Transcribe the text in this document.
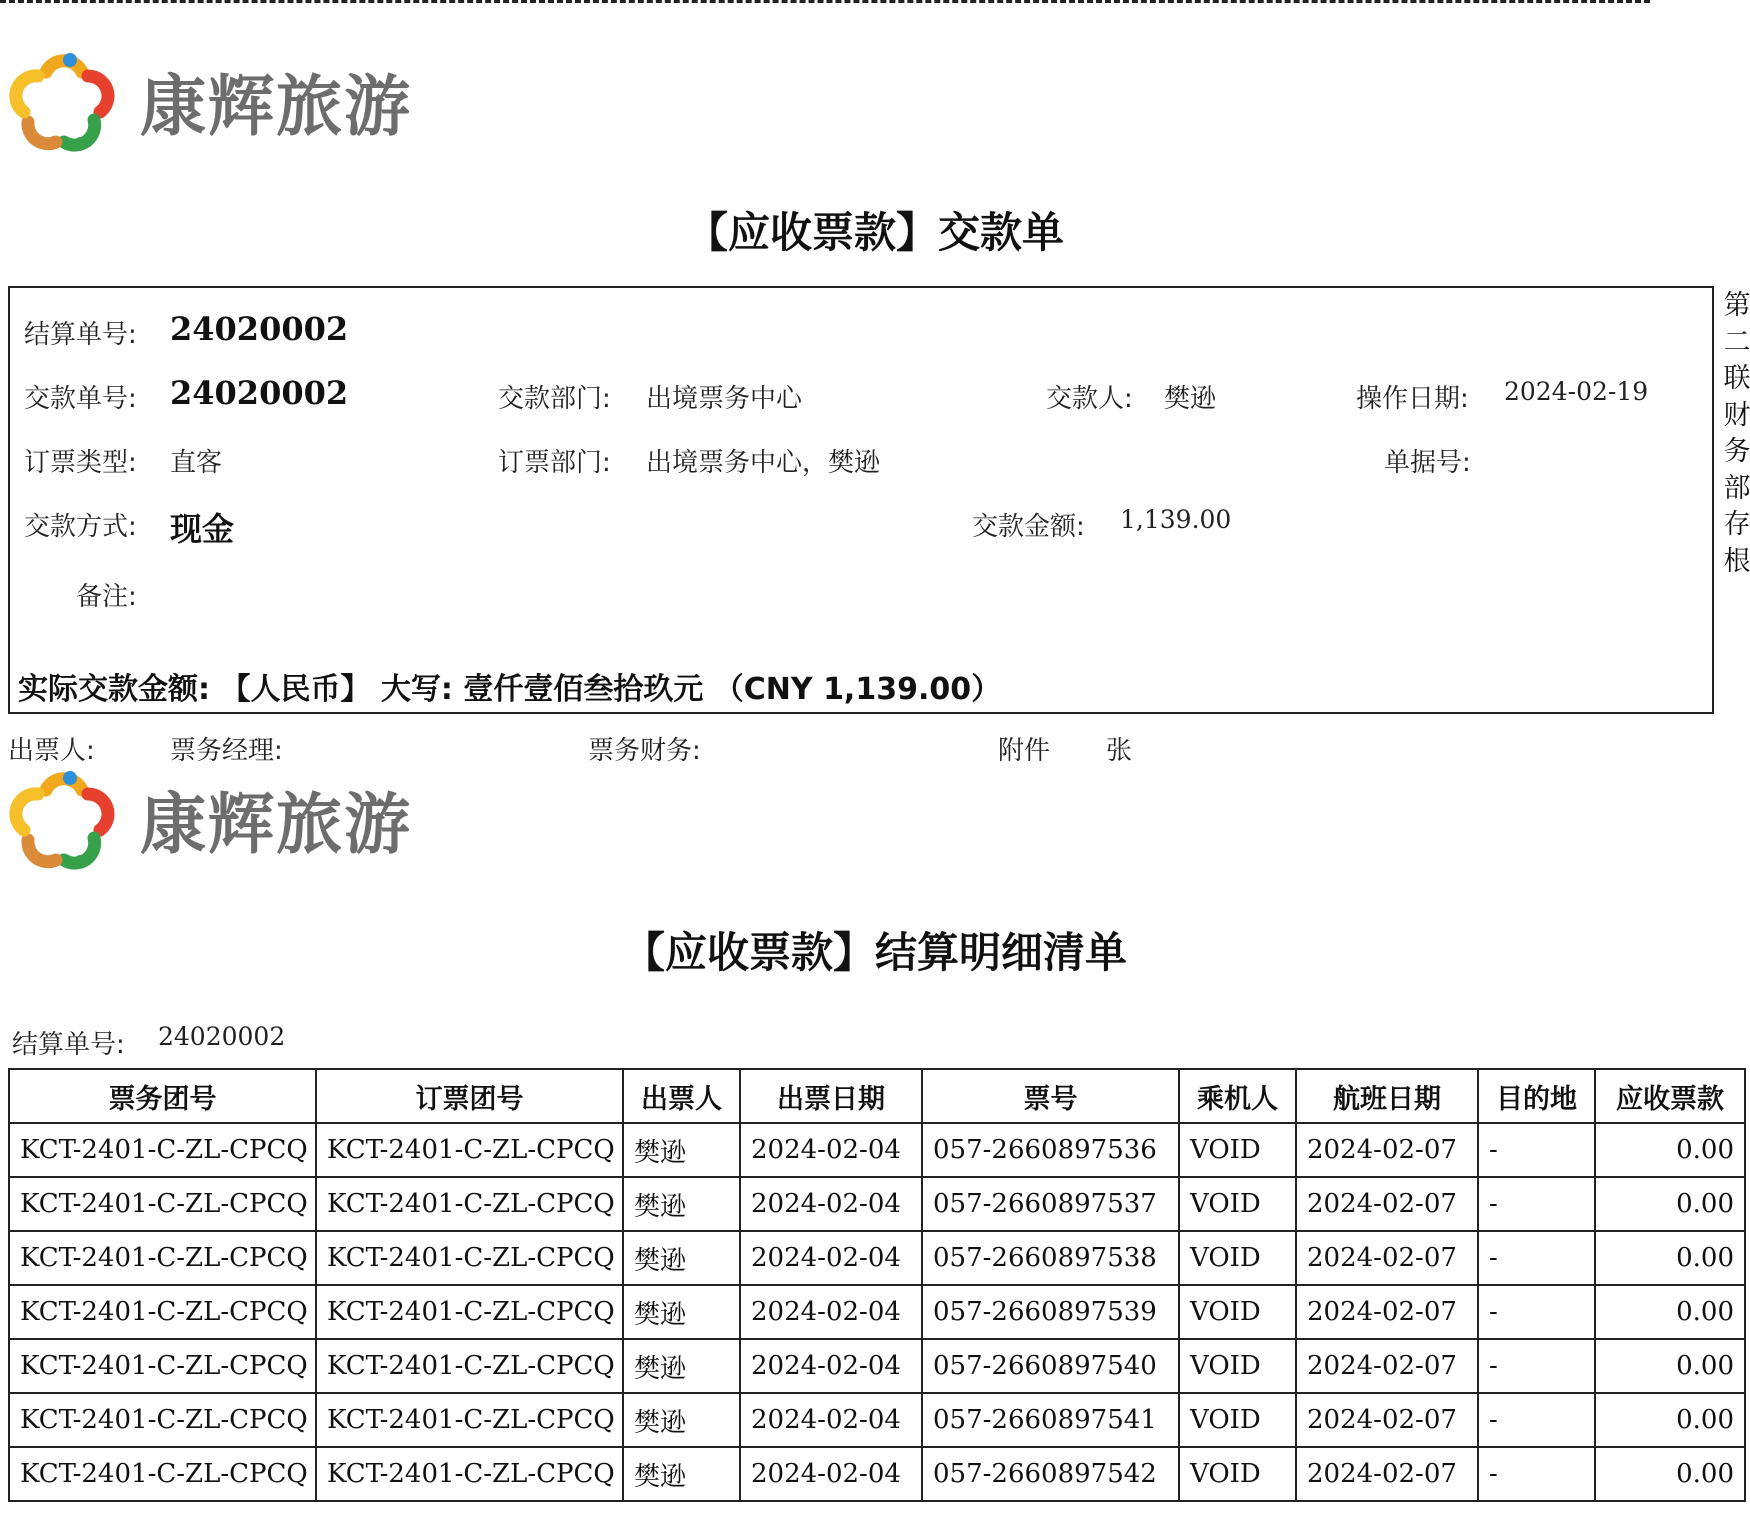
康辉旅游
【应收票款】交款单
结算单号: 24020002
交款单号: 24020002	交款部门: 出境票务中心	交款人: 樊逊	操作日期: 2024-02-19
订票类型: 直客	订票部门: 出境票务中心，樊逊	单据号:
交款方式: 现金	交款金额: 1,139.00
备注:
实际交款金额: 【人民币】 大写: 壹仟壹佰叁拾玖元 （CNY 1,139.00）
第
二
联
财
务
部
存
根
出票人:	票务经理:	票务财务:	附件 张
康辉旅游
【应收票款】结算明细清单
结算单号: 24020002
票务团号	订票团号	出票人	出票日期	票号	乘机人	航班日期	目的地	应收票款
KCT-2401-C-ZL-CPCQ	KCT-2401-C-ZL-CPCQ	樊逊	2024-02-04	057-2660897536	VOID	2024-02-07	-	0.00
KCT-2401-C-ZL-CPCQ	KCT-2401-C-ZL-CPCQ	樊逊	2024-02-04	057-2660897537	VOID	2024-02-07	-	0.00
KCT-2401-C-ZL-CPCQ	KCT-2401-C-ZL-CPCQ	樊逊	2024-02-04	057-2660897538	VOID	2024-02-07	-	0.00
KCT-2401-C-ZL-CPCQ	KCT-2401-C-ZL-CPCQ	樊逊	2024-02-04	057-2660897539	VOID	2024-02-07	-	0.00
KCT-2401-C-ZL-CPCQ	KCT-2401-C-ZL-CPCQ	樊逊	2024-02-04	057-2660897540	VOID	2024-02-07	-	0.00
KCT-2401-C-ZL-CPCQ	KCT-2401-C-ZL-CPCQ	樊逊	2024-02-04	057-2660897541	VOID	2024-02-07	-	0.00
KCT-2401-C-ZL-CPCQ	KCT-2401-C-ZL-CPCQ	樊逊	2024-02-04	057-2660897542	VOID	2024-02-07	-	0.00
